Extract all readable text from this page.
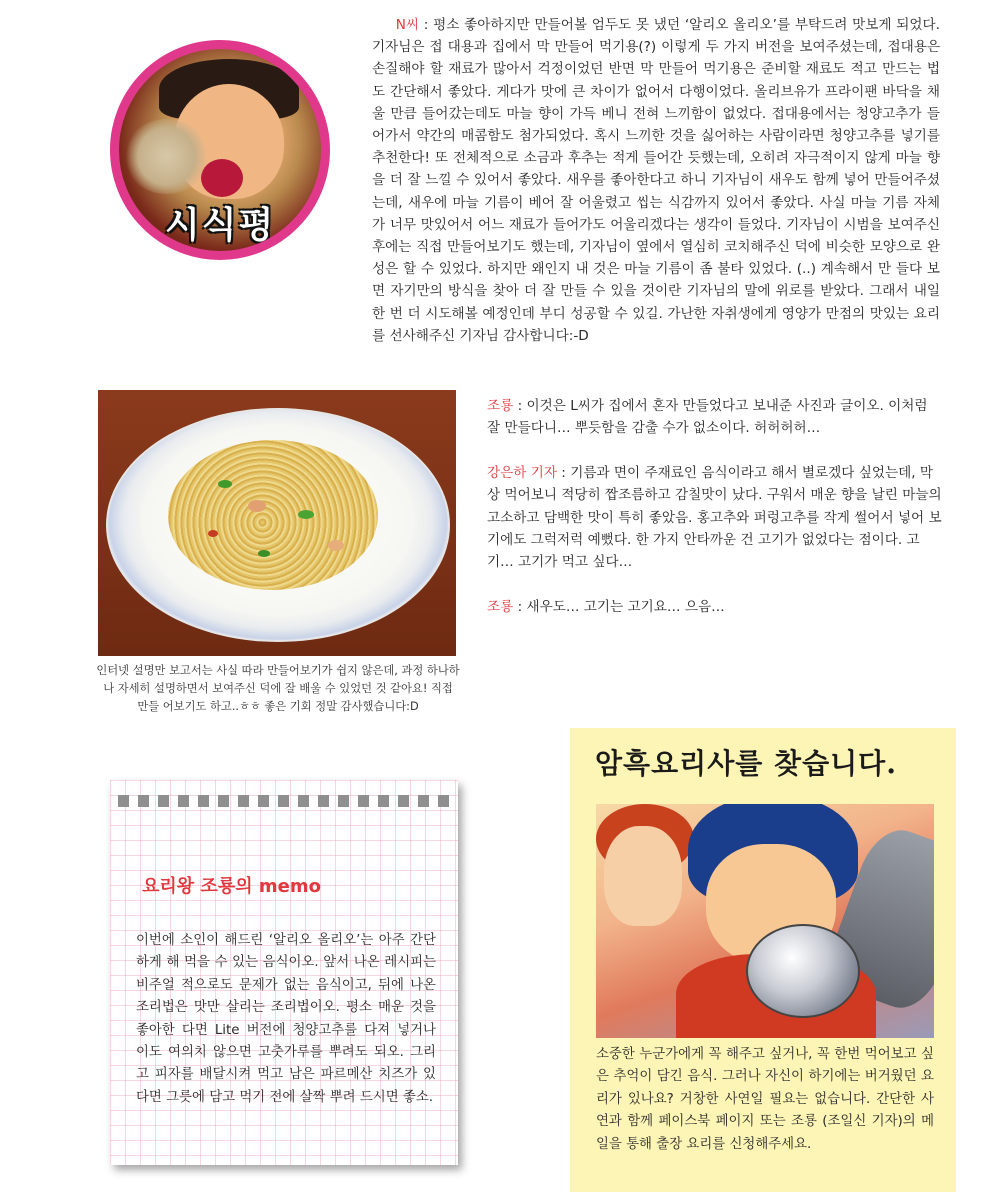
시식평

N씨 : 평소 좋아하지만 만들어볼 엄두도 못 냈던 ‘알리오 올리오’를 부탁드려 맛보게 되었다. 기자님은 접 대용과 집에서 막 만들어 먹기용(?) 이렇게 두 가지 버전을 보여주셨는데, 접대용은 손질해야 할 재료가 많아서 걱정이었던 반면 막 만들어 먹기용은 준비할 재료도 적고 만드는 법도 간단해서 좋았다. 게다가 맛에 큰 차이가 없어서 다행이었다. 올리브유가 프라이팬 바닥을 채울 만큼 들어갔는데도 마늘 향이 가득 베니 전혀 느끼함이 없었다. 접대용에서는 청양고추가 들어가서 약간의 매콤함도 첨가되었다. 혹시 느끼한 것을 싫어하는 사람이라면 청양고추를 넣기를 추천한다! 또 전체적으로 소금과 후추는 적게 들어간 듯했는데, 오히려 자극적이지 않게 마늘 향을 더 잘 느낄 수 있어서 좋았다. 새우를 좋아한다고 하니 기자님이 새우도 함께 넣어 만들어주셨는데, 새우에 마늘 기름이 베어 잘 어울렸고 씹는 식감까지 있어서 좋았다. 사실 마늘 기름 자체가 너무 맛있어서 어느 재료가 들어가도 어울리겠다는 생각이 들었다. 기자님이 시범을 보여주신 후에는 직접 만들어보기도 했는데, 기자님이 옆에서 열심히 코치해주신 덕에 비슷한 모양으로 완성은 할 수 있었다. 하지만 왜인지 내 것은 마늘 기름이 좀 불타 있었다. (..) 계속해서 만 들다 보면 자기만의 방식을 찾아 더 잘 만들 수 있을 것이란 기자님의 말에 위로를 받았다. 그래서 내일 한 번 더 시도해볼 예정인데 부디 성공할 수 있길. 가난한 자취생에게 영양가 만점의 맛있는 요리를 선사해주신 기자님 감사합니다:-D

인터넷 설명만 보고서는 사실 따라 만들어보기가 쉽지 않은데, 과정 하나하나 자세히 설명하면서 보여주신 덕에 잘 배울 수 있었던 것 같아요! 직접 만들 어보기도 하고..ㅎㅎ 좋은 기회 정말 감사했습니다:D

조룡 : 이것은 L씨가 집에서 혼자 만들었다고 보내준 사진과 글이오. 이처럼 잘 만들다니… 뿌듯함을 감출 수가 없소이다. 허허허허…

강은하 기자 : 기름과 면이 주재료인 음식이라고 해서 별로겠다 싶었는데, 막상 먹어보니 적당히 짭조름하고 감칠맛이 났다. 구워서 매운 향을 날린 마늘의 고소하고 담백한 맛이 특히 좋았음. 홍고추와 퍼렁고추를 작게 썰어서 넣어 보기에도 그럭저럭 예뻤다. 한 가지 안타까운 건 고기가 없었다는 점이다. 고기… 고기가 먹고 싶다…

조룡 : 새우도… 고기는 고기요… 으음…

요리왕 조룡의 memo

이번에 소인이 해드린 ‘알리오 올리오’는 아주 간단하게 해 먹을 수 있는 음식이오. 앞서 나온 레시피는 비주얼 적으로도 문제가 없는 음식이고, 뒤에 나온 조리법은 맛만 살리는 조리법이오. 평소 매운 것을 좋아한 다면 Lite 버전에 청양고추를 다져 넣거나 이도 여의치 않으면 고춧가루를 뿌려도 되오. 그리고 피자를 배달시켜 먹고 남은 파르메산 치즈가 있다면 그릇에 담고 먹기 전에 살짝 뿌려 드시면 좋소.

암흑요리사를 찾습니다.

소중한 누군가에게 꼭 해주고 싶거나, 꼭 한번 먹어보고 싶은 추억이 담긴 음식. 그러나 자신이 하기에는 버거웠던 요리가 있나요? 거창한 사연일 필요는 없습니다. 간단한 사연과 함께 페이스북 페이지 또는 조룡 (조일신 기자)의 메일을 통해 출장 요리를 신청해주세요.
